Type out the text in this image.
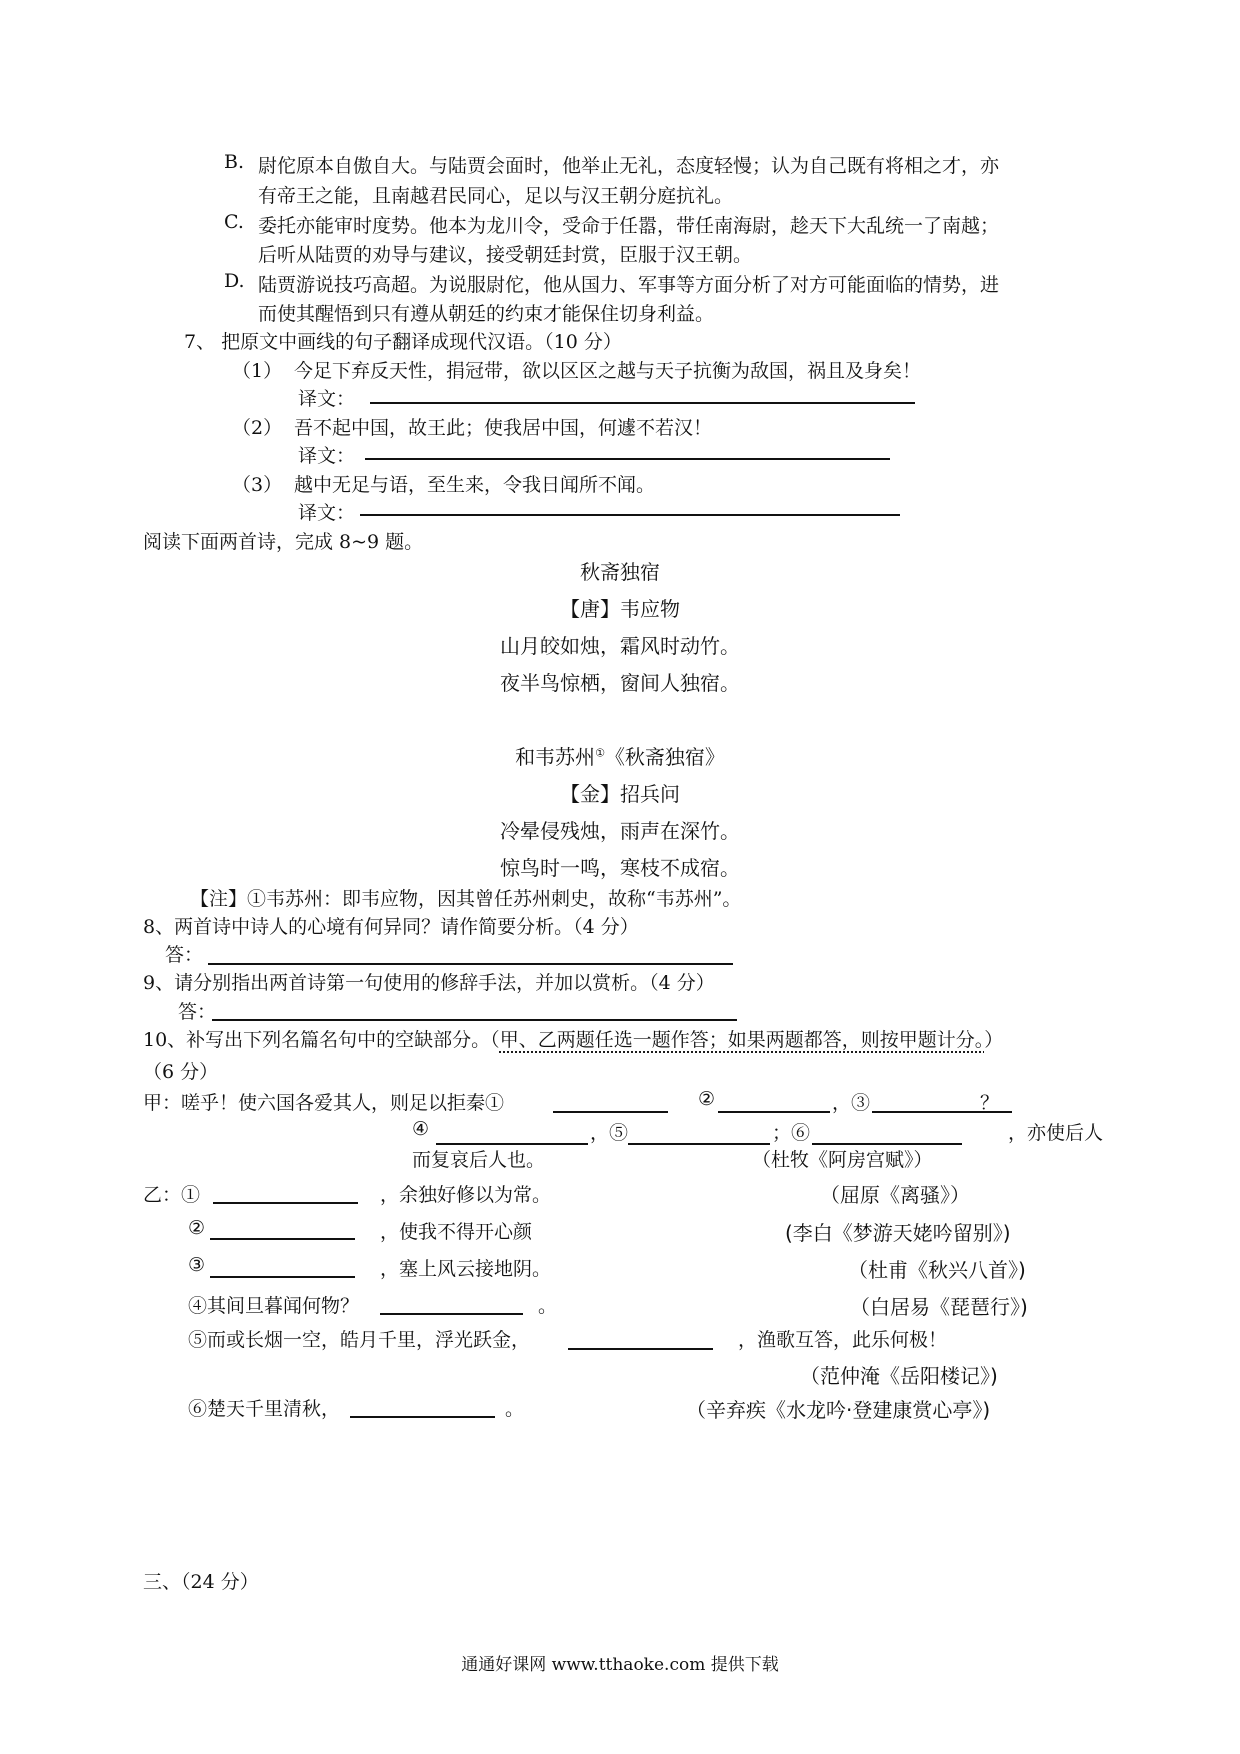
B. 尉佗原本自傲自大。与陆贾会面时，他举止无礼，态度轻慢；认为自己既有将相之才，亦
有帝王之能，且南越君民同心，足以与汉王朝分庭抗礼。
C. 委托亦能审时度势。他本为龙川令，受命于任嚣，带任南海尉，趁天下大乱统一了南越；
后听从陆贾的劝导与建议，接受朝廷封赏，臣服于汉王朝。
D. 陆贾游说技巧高超。为说服尉佗，他从国力、军事等方面分析了对方可能面临的情势，进
而使其醒悟到只有遵从朝廷的约束才能保住切身利益。
7、 把原文中画线的句子翻译成现代汉语。（10 分）
（1） 今足下弃反天性，捐冠带，欲以区区之越与天子抗衡为敌国，祸且及身矣！
译文：
（2） 吾不起中国，故王此；使我居中国，何遽不若汉！
译文：
（3） 越中无足与语，至生来，令我日闻所不闻。
译文：
阅读下面两首诗，完成 8~9 题。
秋斋独宿
【唐】韦应物
山月皎如烛，霜风时动竹。
夜半鸟惊栖，窗间人独宿。
和韦苏州①《秋斋独宿》
【金】招兵问
冷晕侵残烛，雨声在深竹。
惊鸟时一鸣，寒枝不成宿。
【注】①韦苏州：即韦应物，因其曾任苏州刺史，故称“韦苏州”。
8、两首诗中诗人的心境有何异同？请作简要分析。（4 分）
答：
9、请分别指出两首诗第一句使用的修辞手法，并加以赏析。（4 分）
答：
10、补写出下列名篇名句中的空缺部分。（甲、乙两题任选一题作答；如果两题都答，则按甲题计分。）
（6 分）
甲：嗟乎！使六国各爱其人，则足以拒秦①	②	，③	？
④	，⑤	；⑥	，亦使后人
而复哀后人也。	（杜牧《阿房宫赋》）
乙：①	，余独好修以为常。	（屈原《离骚》）
②	，使我不得开心颜	(李白《梦游天姥吟留别》)
③	，塞上风云接地阴。	（杜甫《秋兴八首》)
④其间旦暮闻何物？	。	（白居易《琵琶行》)
⑤而或长烟一空，皓月千里，浮光跃金，	，渔歌互答，此乐何极！
（范仲淹《岳阳楼记》)
⑥楚天千里清秋，	。	（辛弃疾《水龙吟·登建康赏心亭》)
三、（24 分）
通通好课网 www.tthaoke.com 提供下载
